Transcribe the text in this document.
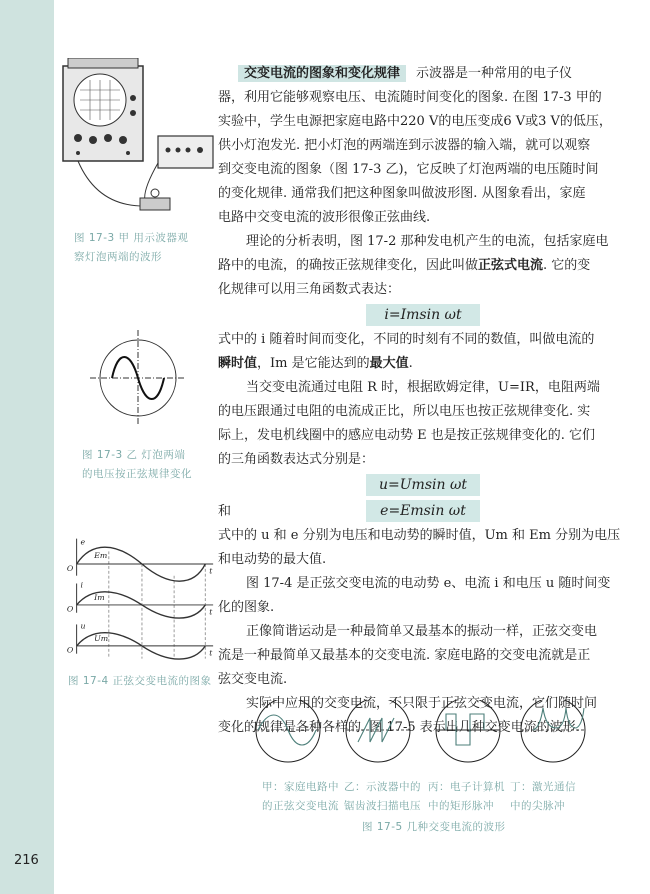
图 17-3 甲 用示波器观
察灯泡两端的波形
图 17-3 乙 灯泡两端
的电压按正弦规律变化
e
i
u
O
O
O
t
t
t
Em
Im
Um
图 17-4 正弦交变电流的图象
交变电流的图象和变化规律 示波器是一种常用的电子仪
器，利用它能够观察电压、电流随时间变化的图象. 在图 17-3 甲的
实验中，学生电源把家庭电路中220 V的电压变成6 V或3 V的低压，
供小灯泡发光. 把小灯泡的两端连到示波器的输入端，就可以观察
到交变电流的图象（图 17-3 乙)，它反映了灯泡两端的电压随时间
的变化规律. 通常我们把这种图象叫做波形图. 从图象看出，家庭
电路中交变电流的波形很像正弦曲线.
理论的分析表明，图 17-2 那种发电机产生的电流，包括家庭电
路中的电流，的确按正弦规律变化，因此叫做正弦式电流. 它的变
化规律可以用三角函数式表达：
i=Imsin ωt
式中的 i 随着时间而变化，不同的时刻有不同的数值，叫做电流的
瞬时值，Im 是它能达到的最大值.
当交变电流通过电阻 R 时，根据欧姆定律，U=IR，电阻两端
的电压跟通过电阻的电流成正比，所以电压也按正弦规律变化. 实
际上，发电机线圈中的感应电动势 E 也是按正弦规律变化的. 它们
的三角函数表达式分别是：
u=Umsin ωt
和	e=Emsin ωt
式中的 u 和 e 分别为电压和电动势的瞬时值，Um 和 Em 分别为电压
和电动势的最大值.
图 17-4 是正弦交变电流的电动势 e、电流 i 和电压 u 随时间变
化的图象.
正像简谐运动是一种最简单又最基本的振动一样，正弦交变电
流是一种最简单又最基本的交变电流. 家庭电路的交变电流就是正
弦交变电流.
实际中应用的交变电流，不只限于正弦交变电流，它们随时间
变化的规律是各种各样的. 图 17-5 表示出几种交变电流的波形.
甲：家庭电路中
的正弦交变电流
乙：示波器中的
锯齿波扫描电压
丙：电子计算机
中的矩形脉冲
丁：激光通信
中的尖脉冲
图 17-5 几种交变电流的波形
216
